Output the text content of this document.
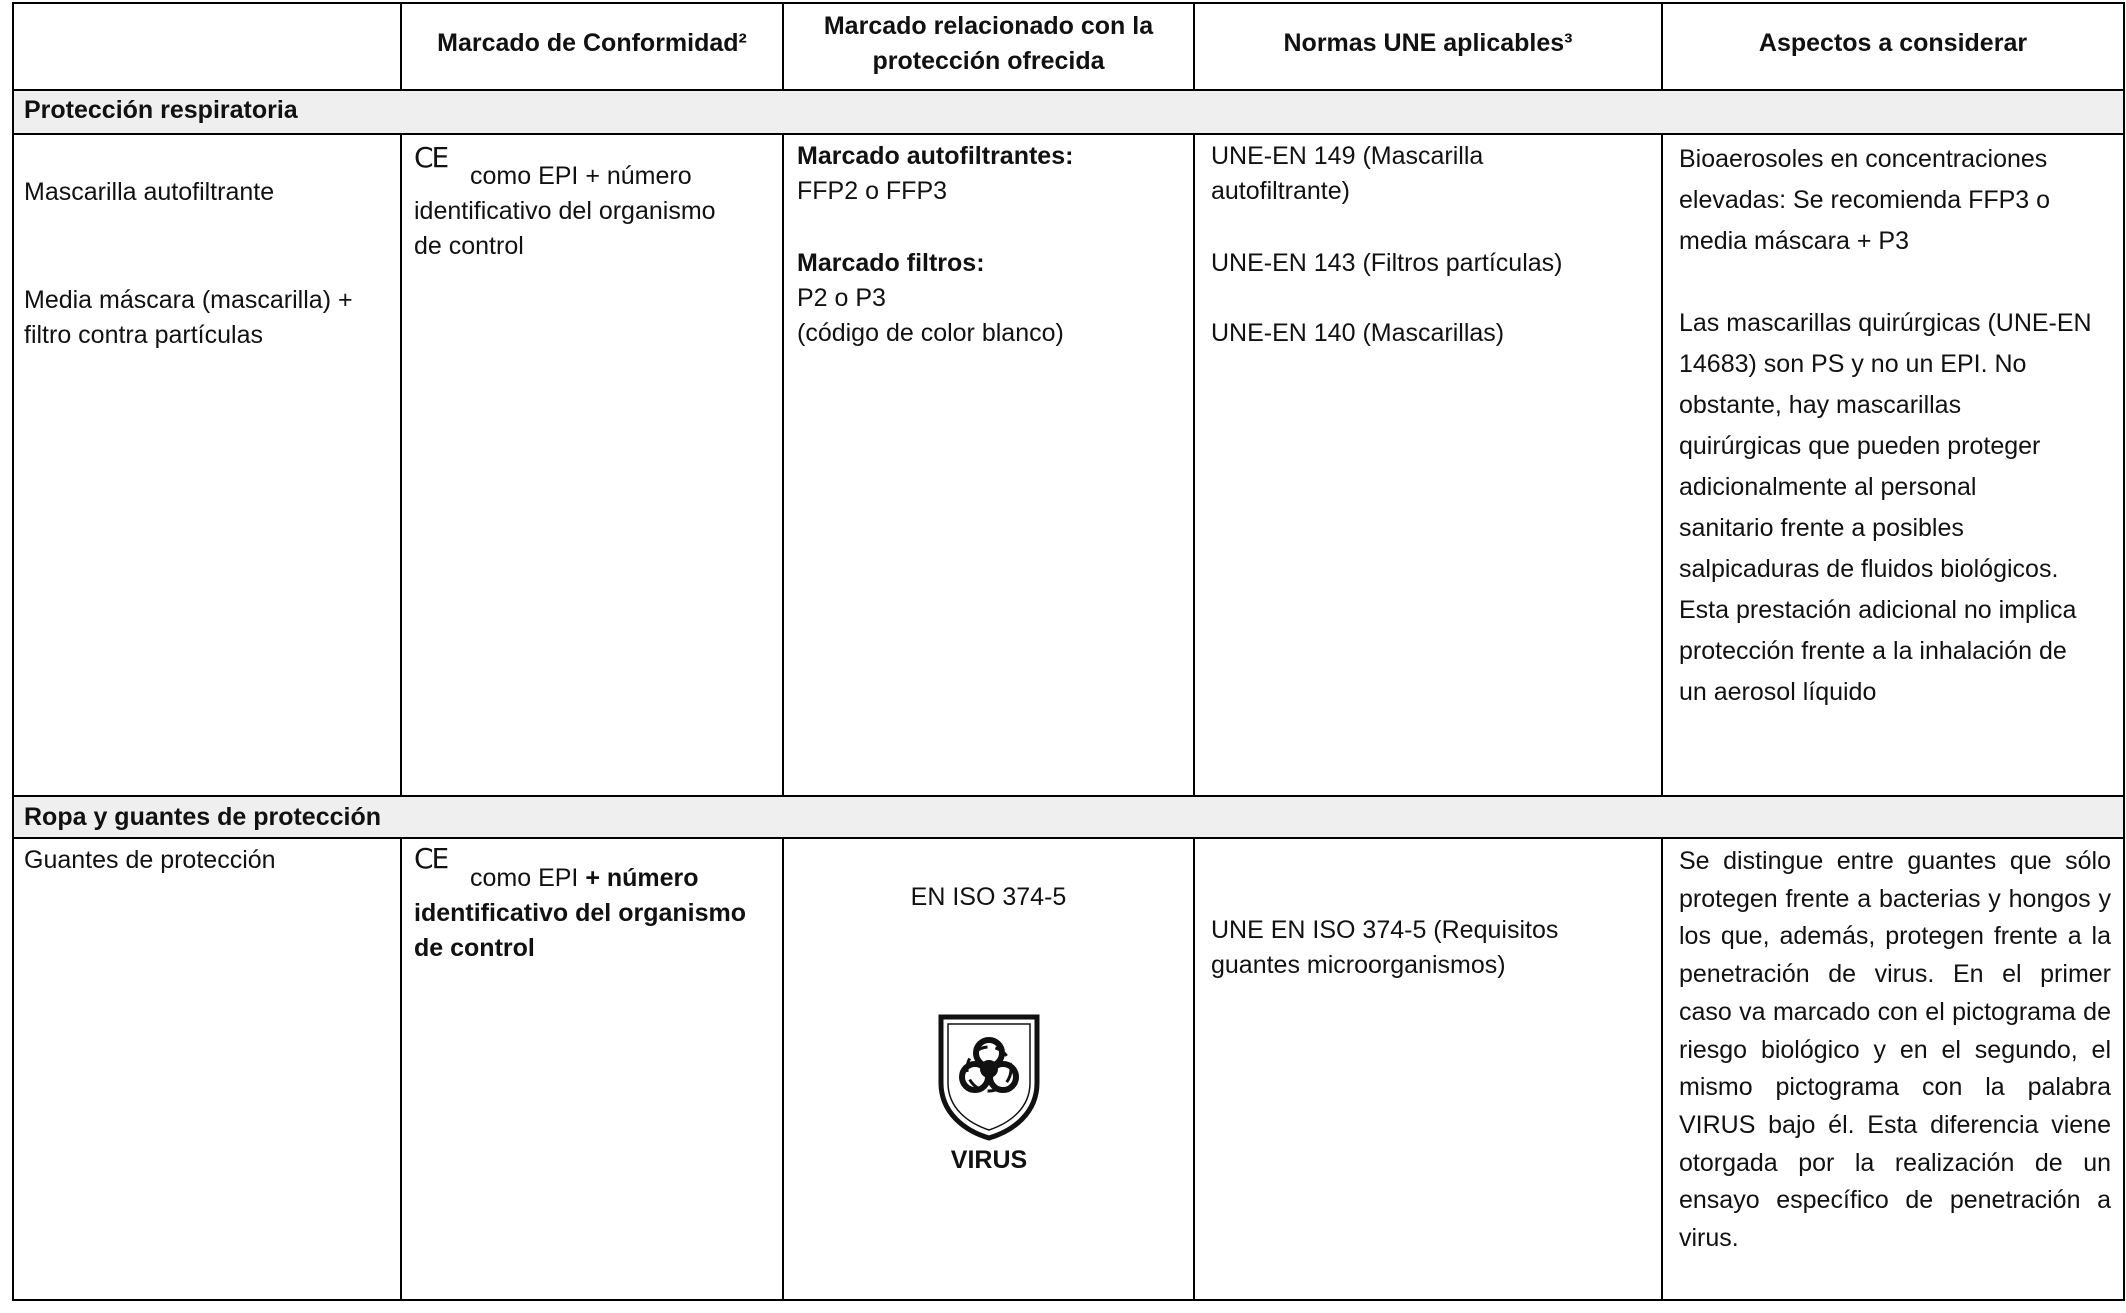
Marcado de Conformidad²
Marcado relacionado con la
protección ofrecida
Normas UNE aplicables³	Aspectos a considerar
Protección respiratoria
Mascarilla autofiltrante
Media máscara (mascarilla) +
filtro contra partículas
CE
como EPI + número
identificativo del organismo
de control
Marcado autofiltrantes:
FFP2 o FFP3
Marcado filtros:
P2 o P3
(código de color blanco)
UNE-EN 149 (Mascarilla
autofiltrante)
UNE-EN 143 (Filtros partículas)
UNE-EN 140 (Mascarillas)
Bioaerosoles en concentraciones
elevadas: Se recomienda FFP3 o
media máscara + P3
Las mascarillas quirúrgicas (UNE-EN
14683) son PS y no un EPI. No
obstante, hay mascarillas
quirúrgicas que pueden proteger
adicionalmente al personal
sanitario frente a posibles
salpicaduras de fluidos biológicos.
Esta prestación adicional no implica
protección frente a la inhalación de
un aerosol líquido
Ropa y guantes de protección
Guantes de protección	CE
como EPI + número
identificativo del organismo
de control
EN ISO 374-5
VIRUS
UNE EN ISO 374-5 (Requisitos
guantes microorganismos)
Se distingue entre guantes que sólo protegen frente a bacterias y hongos y los que, además, protegen frente a la penetración de virus. En el primer caso va marcado con el pictograma de riesgo biológico y en el segundo, el mismo pictograma con la palabra VIRUS bajo él. Esta diferencia viene otorgada por la realización de un ensayo específico de penetración a virus.
